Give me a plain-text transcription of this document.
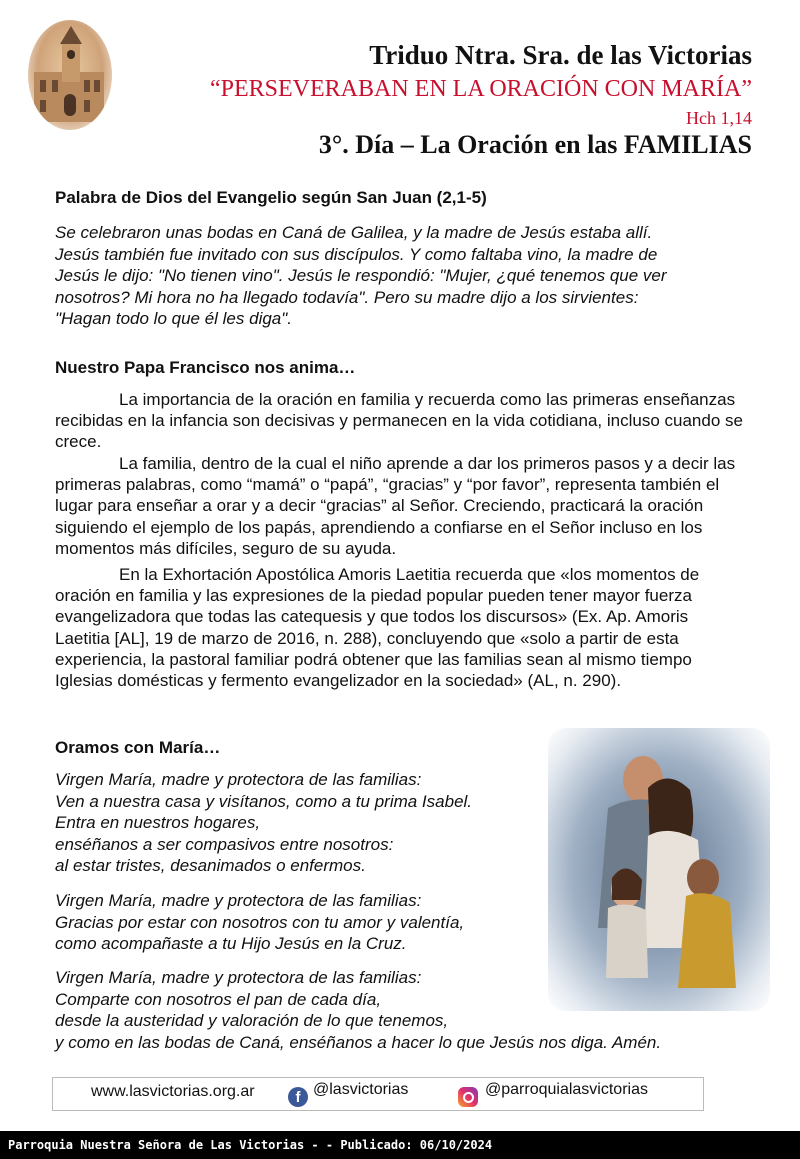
Triduo Ntra. Sra. de las Victorias
“PERSEVERABAN EN LA ORACIÓN CON MARÍA”
Hch 1,14
3°. Día – La Oración en las FAMILIAS
Palabra de Dios del Evangelio según San Juan (2,1-5)

Se celebraron unas bodas en Caná de Galilea, y la madre de Jesús estaba allí.
Jesús también fue invitado con sus discípulos. Y como faltaba vino, la madre de
Jesús le dijo: "No tienen vino". Jesús le respondió: "Mujer, ¿qué tenemos que ver
nosotros? Mi hora no ha llegado todavía". Pero su madre dijo a los sirvientes:
"Hagan todo lo que él les diga".

Nuestro Papa Francisco nos anima…

La importancia de la oración en familia y recuerda como las primeras enseñanzas recibidas en la infancia son decisivas y permanecen en la vida cotidiana, incluso cuando se crece.

La familia, dentro de la cual el niño aprende a dar los primeros pasos y a decir las primeras palabras, como “mamá” o “papá”, “gracias” y “por favor”, representa también el lugar para enseñar a orar y a decir “gracias” al Señor. Creciendo, practicará la oración siguiendo el ejemplo de los papás, aprendiendo a confiarse en el Señor incluso en los momentos más difíciles, seguro de su ayuda.

En la Exhortación Apostólica Amoris Laetitia recuerda que «los momentos de oración en familia y las expresiones de la piedad popular pueden tener mayor fuerza evangelizadora que todas las catequesis y que todos los discursos» (Ex. Ap. Amoris Laetitia [AL], 19 de marzo de 2016, n. 288), concluyendo que «solo a partir de esta experiencia, la pastoral familiar podrá obtener que las familias sean al mismo tiempo Iglesias domésticas y fermento evangelizador en la sociedad» (AL, n. 290).

Oramos con María…

Virgen María, madre y protectora de las familias:
Ven a nuestra casa y visítanos, como a tu prima Isabel.
Entra en nuestros hogares,
enséñanos a ser compasivos entre nosotros:
al estar tristes, desanimados o enfermos.

Virgen María, madre y protectora de las familias:
Gracias por estar con nosotros con tu amor y valentía,
como acompañaste a tu Hijo Jesús en la Cruz.

Virgen María, madre y protectora de las familias:
Comparte con nosotros el pan de cada día,
desde la austeridad y valoración de lo que tenemos,
y como en las bodas de Caná, enséñanos a hacer lo que Jesús nos diga. Amén.

www.lasvictorias.org.ar	f @lasvictorias	@parroquialasvictorias
Parroquia Nuestra Señora de Las Victorias - - Publicado: 06/10/2024
